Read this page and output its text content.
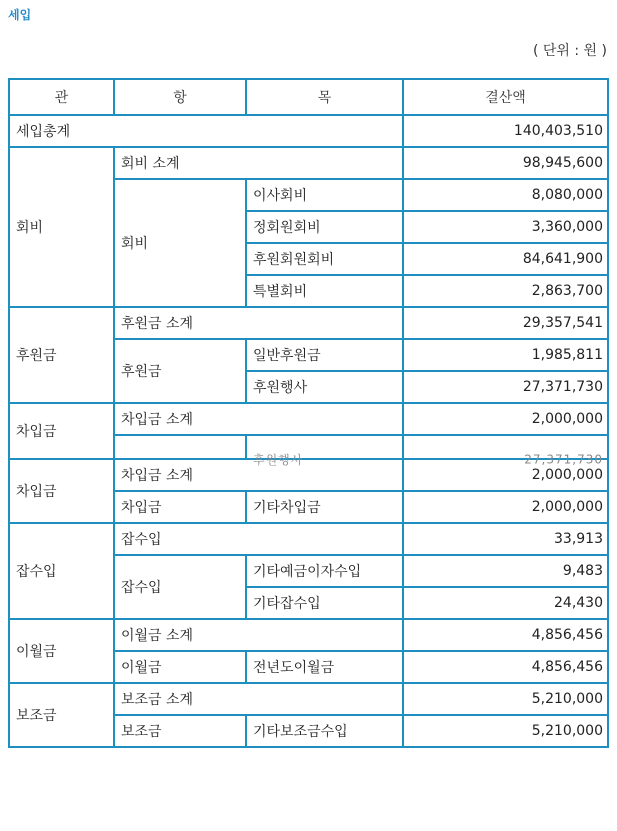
세입
( 단위 : 원 )
관	항	목	결산액
세입총계			140,403,510
회비	회비 소계		98,945,600
	회비	이사회비	8,080,000
		정회원회비	3,360,000
		후원회원회비	84,641,900
		특별회비	2,863,700
후원금	후원금 소계		29,357,541
	후원금	일반후원금	1,985,811
		후원행사	27,371,730
차입금	차입금 소계		2,000,000

		후원행사	27,371,730

차입금	차입금 소계		2,000,000
	차입금	기타차입금	2,000,000
잡수입	잡수입		33,913
	잡수입	기타예금이자수입	9,483
		기타잡수입	24,430
이월금	이월금 소계		4,856,456
	이월금	전년도이월금	4,856,456
보조금	보조금 소계		5,210,000
	보조금	기타보조금수입	5,210,000
